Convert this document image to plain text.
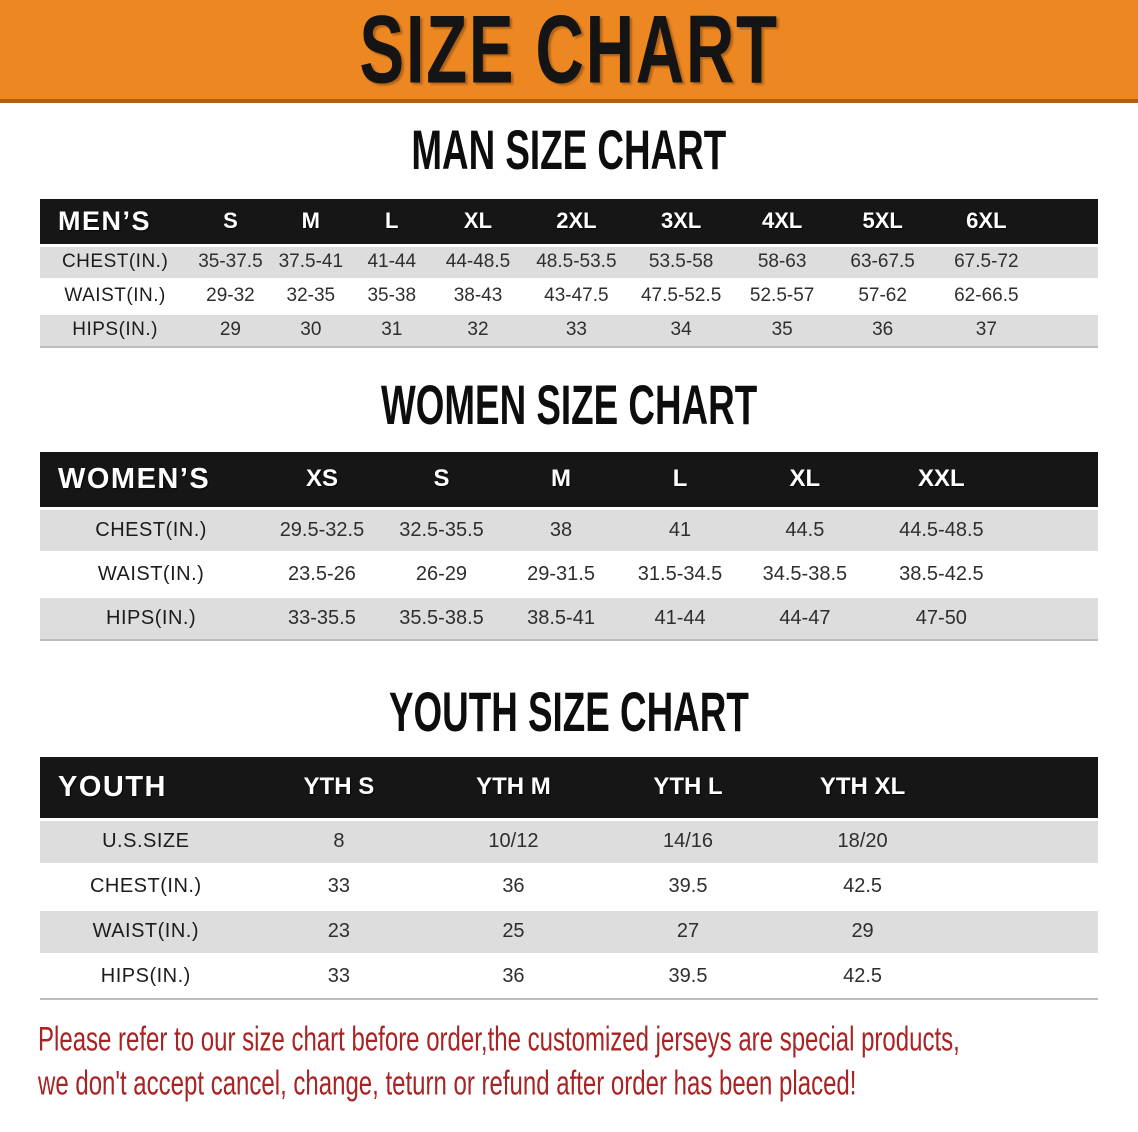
SIZE CHART
MAN SIZE CHART
MEN’S	S	M	L	XL	2XL	3XL	4XL	5XL	6XL	
CHEST(IN.)	35-37.5	37.5-41	41-44	44-48.5	48.5-53.5	53.5-58	58-63	63-67.5	67.5-72	
WAIST(IN.)	29-32	32-35	35-38	38-43	43-47.5	47.5-52.5	52.5-57	57-62	62-66.5	
HIPS(IN.)	29	30	31	32	33	34	35	36	37	
WOMEN SIZE CHART
WOMEN’S	XS	S	M	L	XL	XXL	
CHEST(IN.)	29.5-32.5	32.5-35.5	38	41	44.5	44.5-48.5	
WAIST(IN.)	23.5-26	26-29	29-31.5	31.5-34.5	34.5-38.5	38.5-42.5	
HIPS(IN.)	33-35.5	35.5-38.5	38.5-41	41-44	44-47	47-50	
YOUTH SIZE CHART
YOUTH	YTH S	YTH M	YTH L	YTH XL	
U.S.SIZE	8	10/12	14/16	18/20	
CHEST(IN.)	33	36	39.5	42.5	
WAIST(IN.)	23	25	27	29	
HIPS(IN.)	33	36	39.5	42.5	
Please refer to our size chart before order,the customized jerseys are special products,
we don't accept cancel, change, teturn or refund after order has been placed!
